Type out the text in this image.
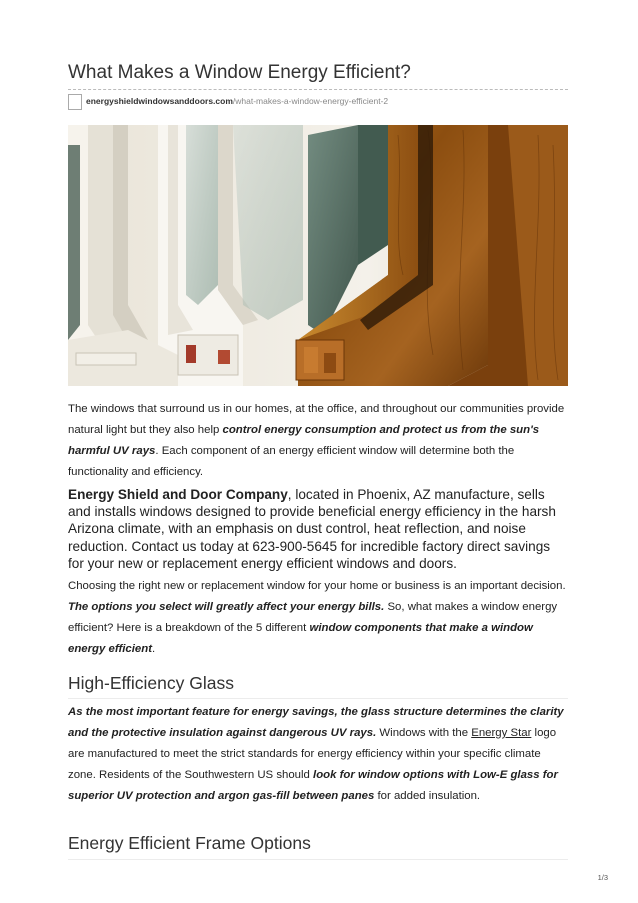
What Makes a Window Energy Efficient?
energyshieldwindowsanddoors.com/what-makes-a-window-energy-efficient-2

The windows that surround us in our homes, at the office, and throughout our communities provide natural light but they also help control energy consumption and protect us from the sun's harmful UV rays. Each component of an energy efficient window will determine both the functionality and efficiency.

Energy Shield and Door Company, located in Phoenix, AZ manufacture, sells and installs windows designed to provide beneficial energy efficiency in the harsh Arizona climate, with an emphasis on dust control, heat reflection, and noise reduction. Contact us today at 623-900-5645 for incredible factory direct savings for your new or replacement energy efficient windows and doors.

Choosing the right new or replacement window for your home or business is an important decision. The options you select will greatly affect your energy bills. So, what makes a window energy efficient? Here is a breakdown of the 5 different window components that make a window energy efficient.

High-Efficiency Glass

As the most important feature for energy savings, the glass structure determines the clarity and the protective insulation against dangerous UV rays. Windows with the Energy Star logo are manufactured to meet the strict standards for energy efficiency within your specific climate zone. Residents of the Southwestern US should look for window options with Low-E glass for superior UV protection and argon gas-fill between panes for added insulation.

Energy Efficient Frame Options
1/3
